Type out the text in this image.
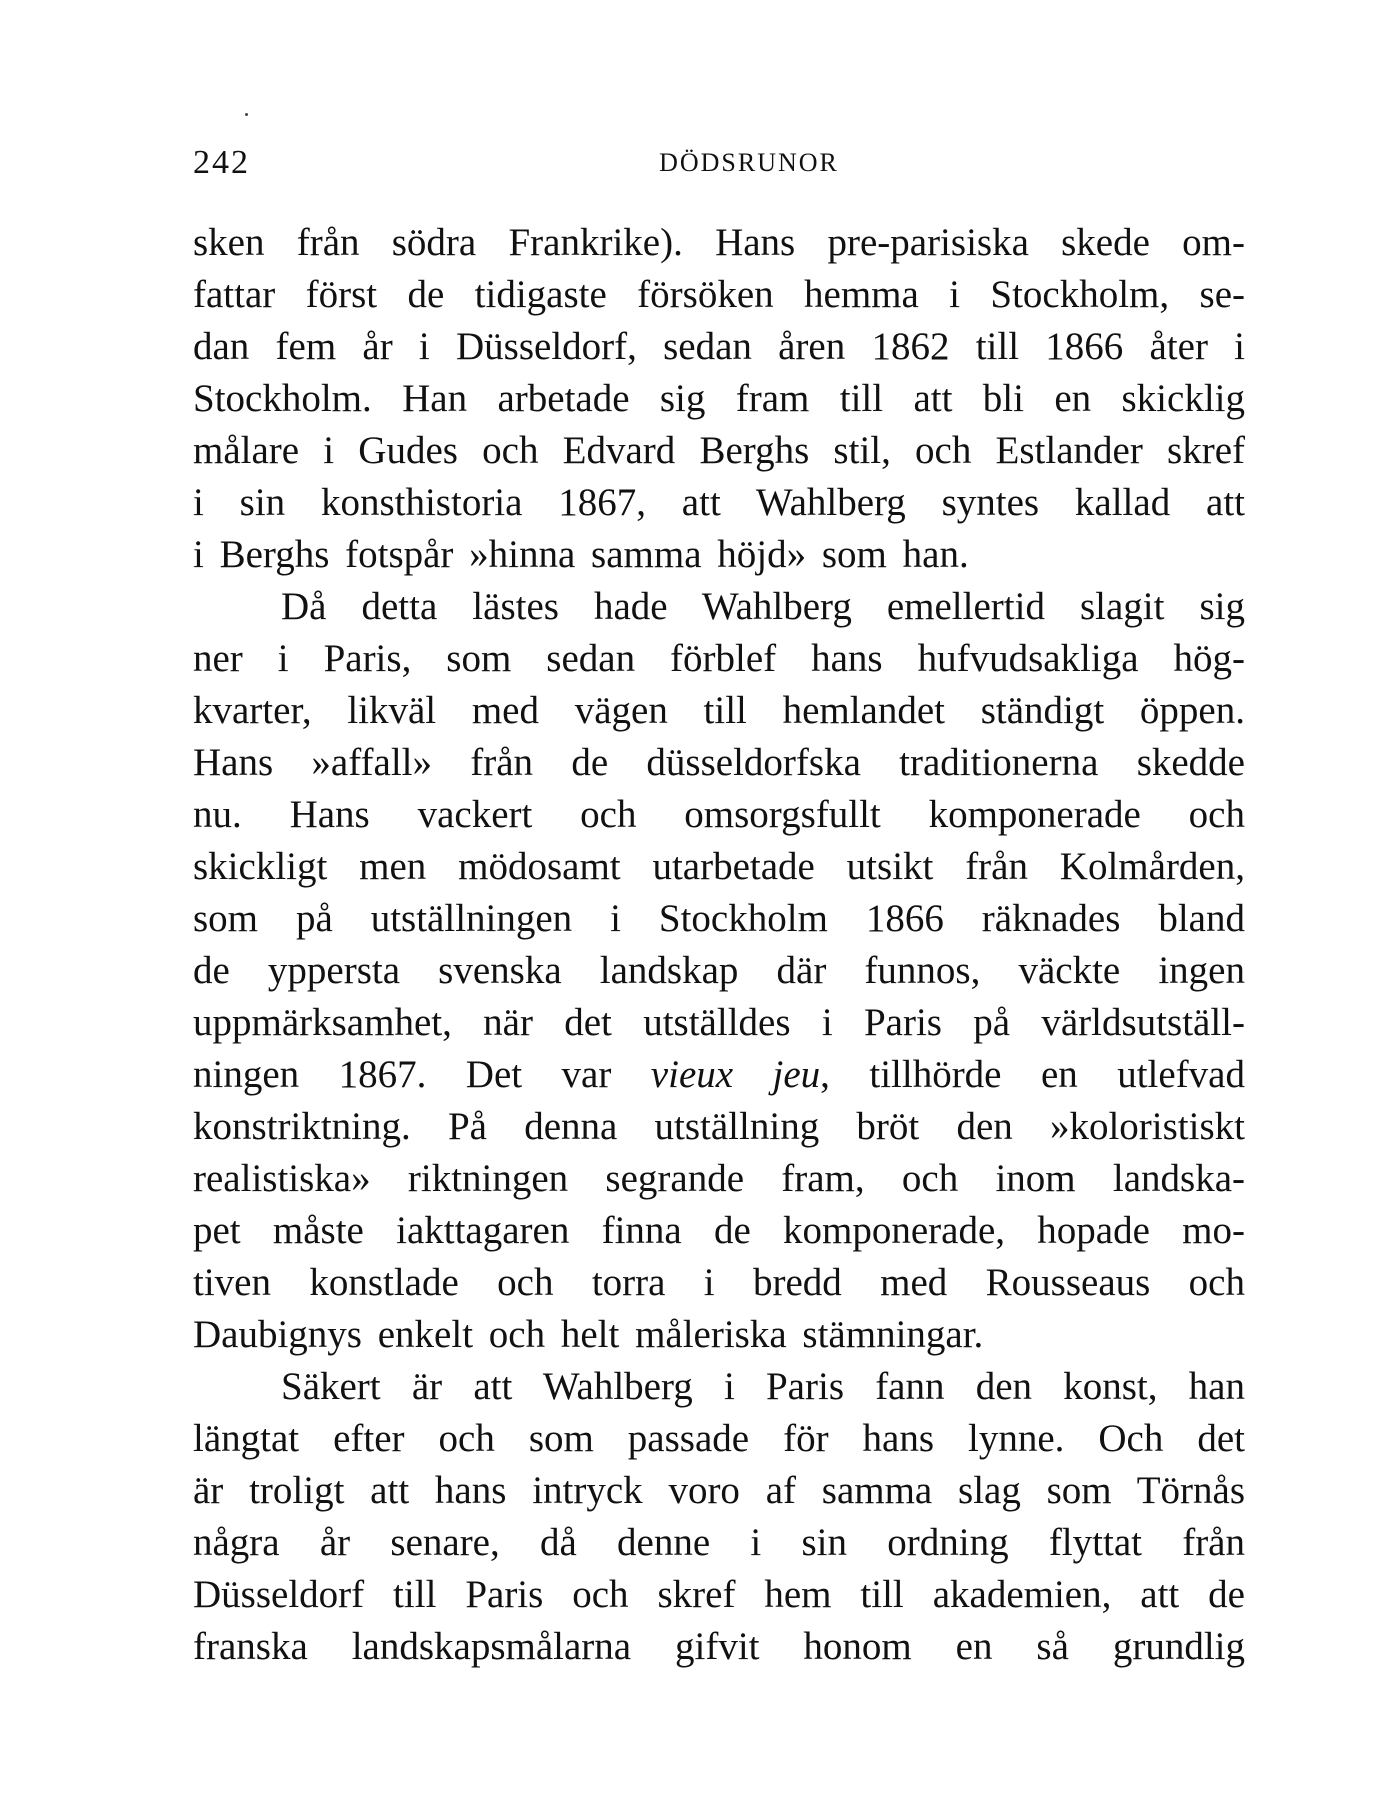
242	DÖDSRUNOR
sken från södra Frankrike). Hans pre-parisiska skede om-
fattar först de tidigaste försöken hemma i Stockholm, se-
dan fem år i Düsseldorf, sedan åren 1862 till 1866 åter i
Stockholm. Han arbetade sig fram till att bli en skicklig
målare i Gudes och Edvard Berghs stil, och Estlander skref
i sin konsthistoria 1867, att Wahlberg syntes kallad att
i Berghs fotspår »hinna samma höjd» som han.
Då detta lästes hade Wahlberg emellertid slagit sig
ner i Paris, som sedan förblef hans hufvudsakliga hög-
kvarter, likväl med vägen till hemlandet ständigt öppen.
Hans »affall» från de düsseldorfska traditionerna skedde
nu. Hans vackert och omsorgsfullt komponerade och
skickligt men mödosamt utarbetade utsikt från Kolmården,
som på utställningen i Stockholm 1866 räknades bland
de yppersta svenska landskap där funnos, väckte ingen
uppmärksamhet, när det utställdes i Paris på världsutställ-
ningen 1867. Det var vieux jeu, tillhörde en utlefvad
konstriktning. På denna utställning bröt den »koloristiskt
realistiska» riktningen segrande fram, och inom landska-
pet måste iakttagaren finna de komponerade, hopade mo-
tiven konstlade och torra i bredd med Rousseaus och
Daubignys enkelt och helt måleriska stämningar.
Säkert är att Wahlberg i Paris fann den konst, han
längtat efter och som passade för hans lynne. Och det
är troligt att hans intryck voro af samma slag som Törnås
några år senare, då denne i sin ordning flyttat från
Düsseldorf till Paris och skref hem till akademien, att de
franska landskapsmålarna gifvit honom en så grundlig
